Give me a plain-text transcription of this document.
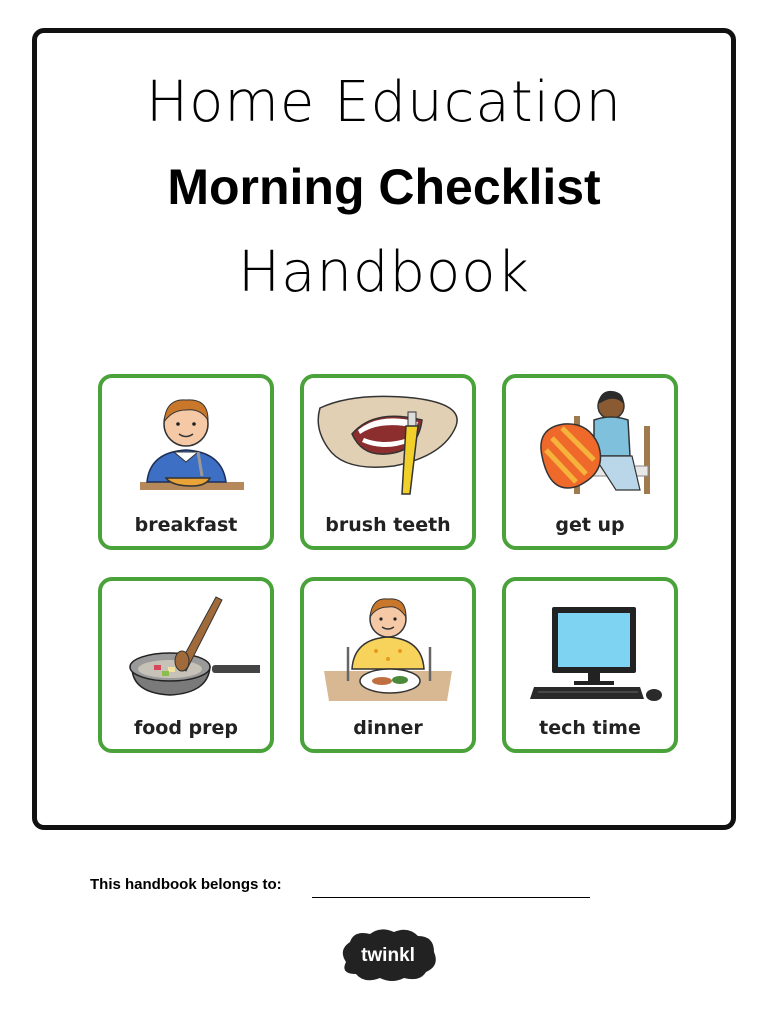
Home Education
Morning Checklist
Handbook
breakfast	brush teeth	get up
food prep	dinner	tech time
This handbook belongs to:
twinkl
